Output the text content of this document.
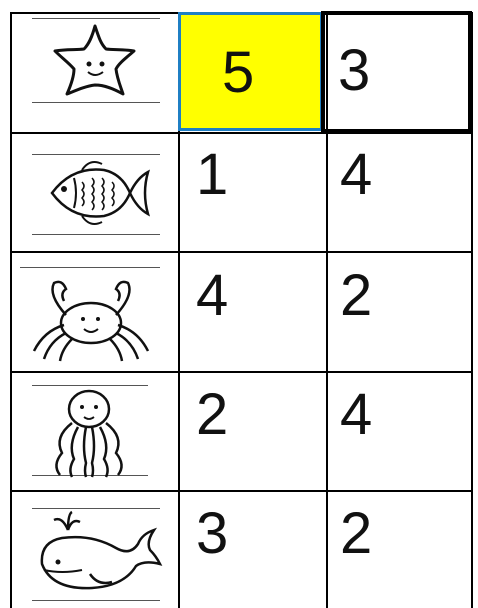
5 3
1 4
4 2
2 4
3 2
